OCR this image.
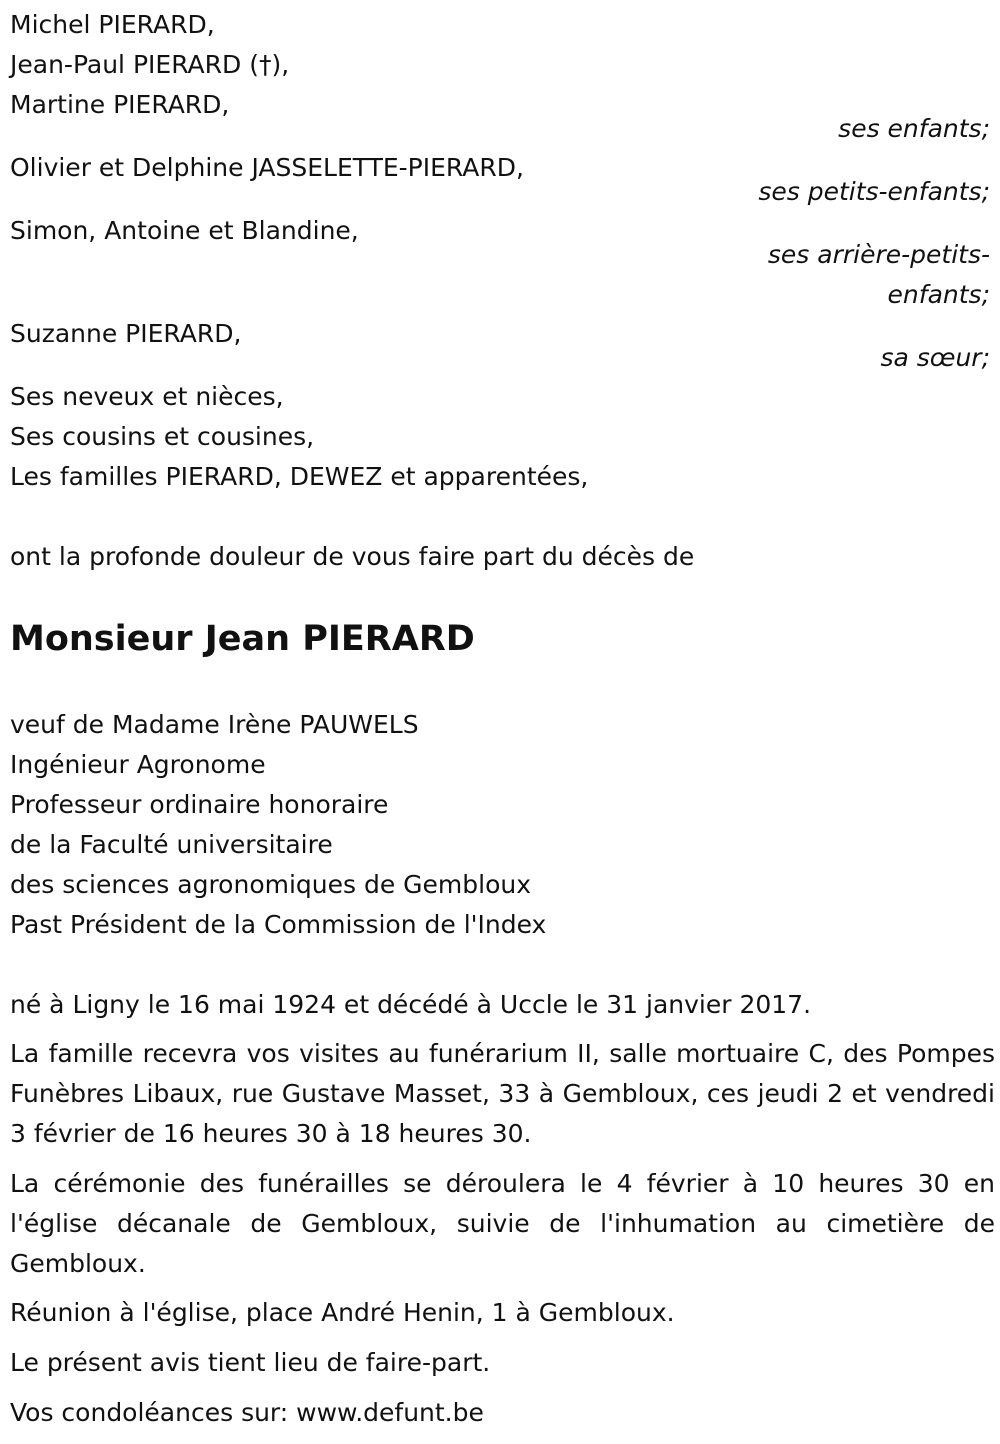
Michel PIERARD,

Jean-Paul PIERARD (†),

Martine PIERARD,

ses enfants;

Olivier et Delphine JASSELETTE-PIERARD,

ses petits-enfants;

Simon, Antoine et Blandine,

ses arrière-petits-

enfants;

Suzanne PIERARD,

sa sœur;

Ses neveux et nièces,

Ses cousins et cousines,

Les familles PIERARD, DEWEZ et apparentées,

ont la profonde douleur de vous faire part du décès de

Monsieur Jean PIERARD

veuf de Madame Irène PAUWELS

Ingénieur Agronome

Professeur ordinaire honoraire

de la Faculté universitaire

des sciences agronomiques de Gembloux

Past Président de la Commission de l'Index

né à Ligny le 16 mai 1924 et décédé à Uccle le 31 janvier 2017.

La famille recevra vos visites au funérarium II, salle mortuaire C, des Pompes Funèbres Libaux, rue Gustave Masset, 33 à Gembloux, ces jeudi 2 et vendredi 3 février de 16 heures 30 à 18 heures 30.

La cérémonie des funérailles se déroulera le 4 février à 10 heures 30 en l'église décanale de Gembloux, suivie de l'inhumation au cimetière de Gembloux.

Réunion à l'église, place André Henin, 1 à Gembloux.

Le présent avis tient lieu de faire-part.

Vos condoléances sur: www.defunt.be
